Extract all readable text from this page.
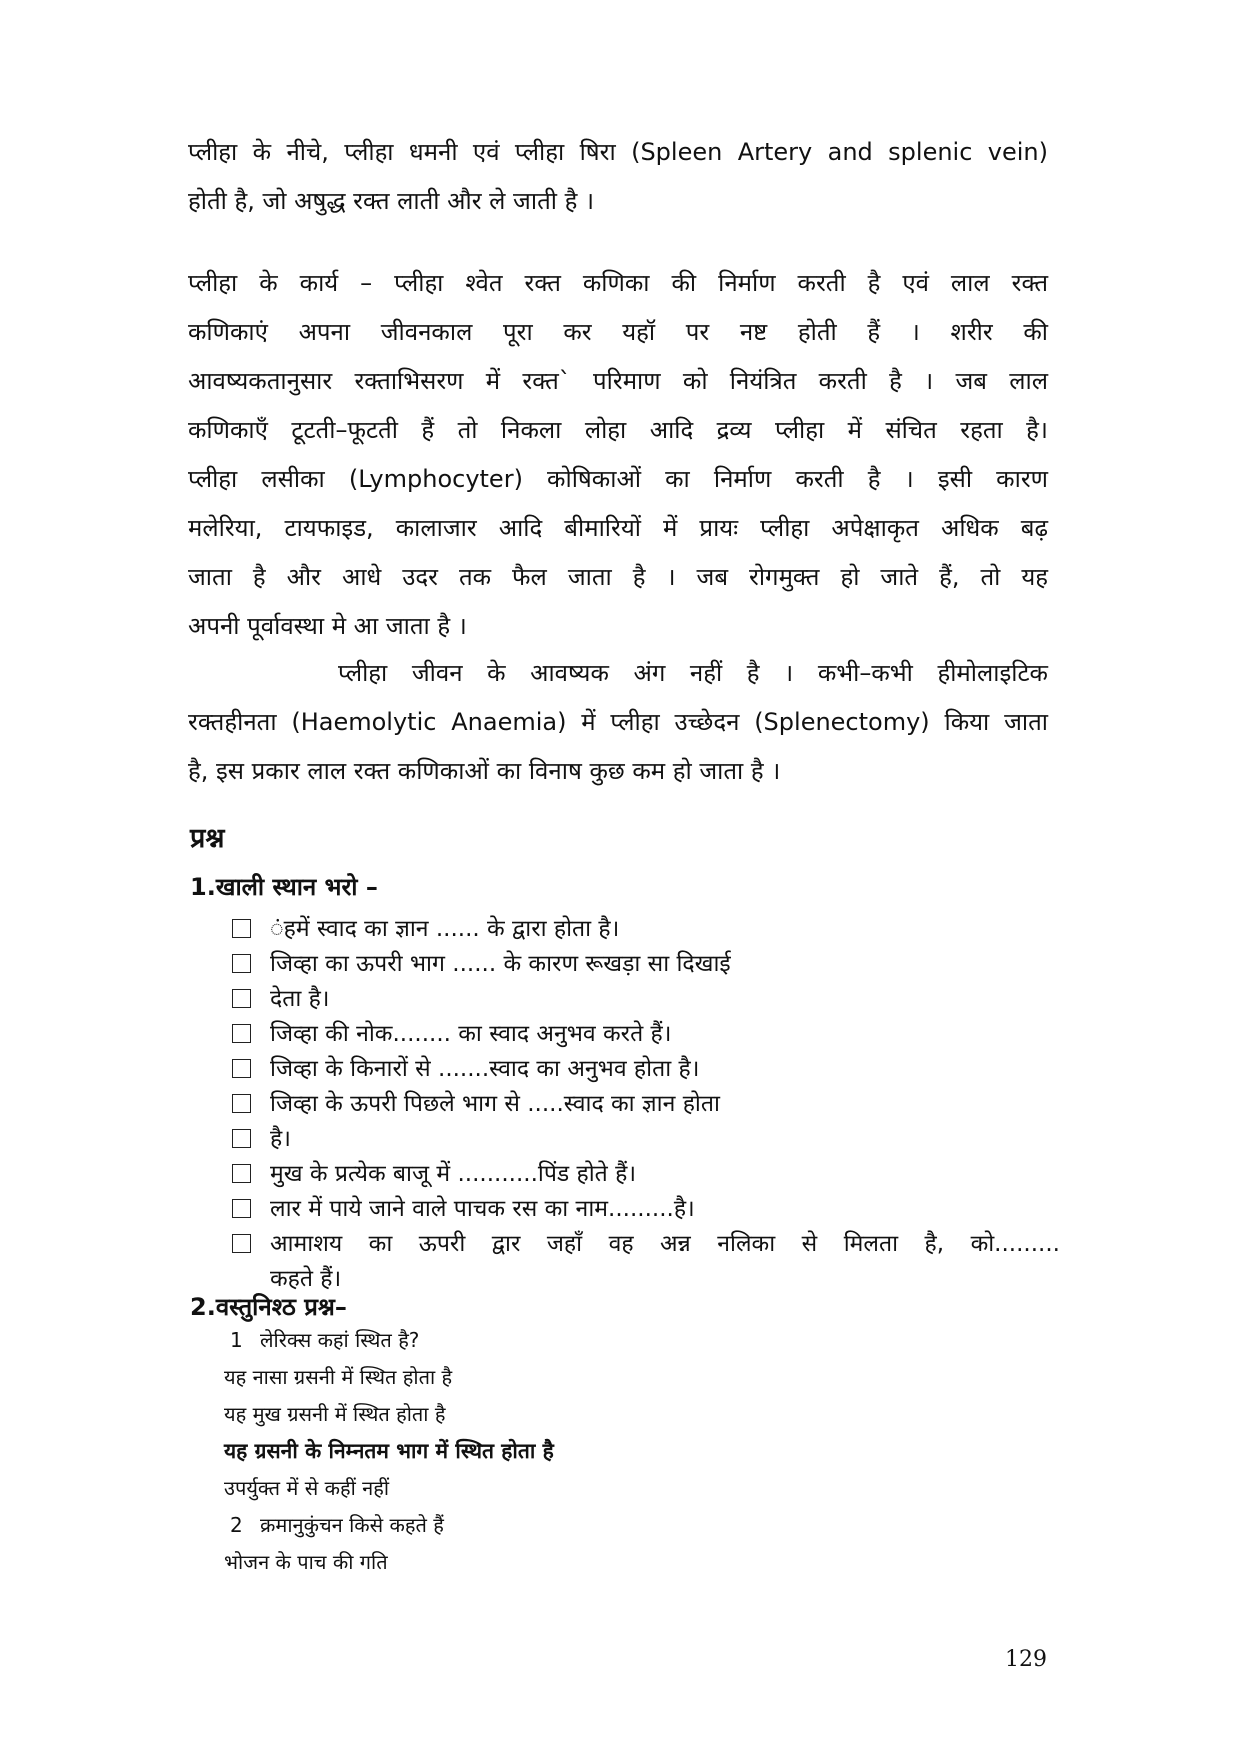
प्लीहा के नीचे, प्लीहा धमनी एवं प्लीहा षिरा (Spleen Artery and splenic vein)
होती है, जो अषुद्ध रक्त लाती और ले जाती है ।

प्लीहा के कार्य – प्लीहा श्वेत रक्त कणिका की निर्माण करती है एवं लाल रक्त
कणिकाएं अपना जीवनकाल पूरा कर यहॉ पर नष्ट होती हैं । शरीर की
आवष्यकतानुसार रक्ताभिसरण में रक्त` परिमाण को नियंत्रित करती है । जब लाल
कणिकाएँ टूटती–फूटती हैं तो निकला लोहा आदि द्रव्य प्लीहा में संचित रहता है।
प्लीहा लसीका (Lymphocyter) कोषिकाओं का निर्माण करती है । इसी कारण
मलेरिया, टायफाइड, कालाजार आदि बीमारियों में प्रायः प्लीहा अपेक्षाकृत अधिक बढ़
जाता है और आधे उदर तक फैल जाता है । जब रोगमुक्त हो जाते हैं, तो यह
अपनी पूर्वावस्था मे आ जाता है ।

प्लीहा जीवन के आवष्यक अंग नहीं है । कभी–कभी हीमोलाइटिक
रक्तहीनता (Haemolytic Anaemia) में प्लीहा उच्छेदन (Splenectomy) किया जाता
है, इस प्रकार लाल रक्त कणिकाओं का विनाष कुछ कम हो जाता है ।

प्रश्न
1.खाली स्थान भरो –
ंहमें स्वाद का ज्ञान ...... के द्वारा होता है।
जिव्हा का ऊपरी भाग ...... के कारण रूखड़ा सा दिखाई
देता है।
जिव्हा की नोक........ का स्वाद अनुभव करते हैं।
जिव्हा के किनारों से .......स्वाद का अनुभव होता है।
जिव्हा के ऊपरी पिछले भाग से .....स्वाद का ज्ञान होता
है।
मुख के प्रत्येक बाजू में ...........पिंड होते हैं।
लार में पाये जाने वाले पाचक रस का नाम.........है।
आमाशय का ऊपरी द्वार जहाँ वह अन्न नलिका से मिलता है, को.........
कहते हैं।
2.वस्तुनिश्ठ प्रश्न–
1 लेरिक्स कहां स्थित है?
यह नासा ग्रसनी में स्थित होता है
यह मुख ग्रसनी में स्थित होता है
यह ग्रसनी के निम्नतम भाग में स्थित होता है
उपर्युक्त में से कहीं नहीं
2 क्रमानुकुंचन किसे कहते हैं
भोजन के पाच की गति
129
